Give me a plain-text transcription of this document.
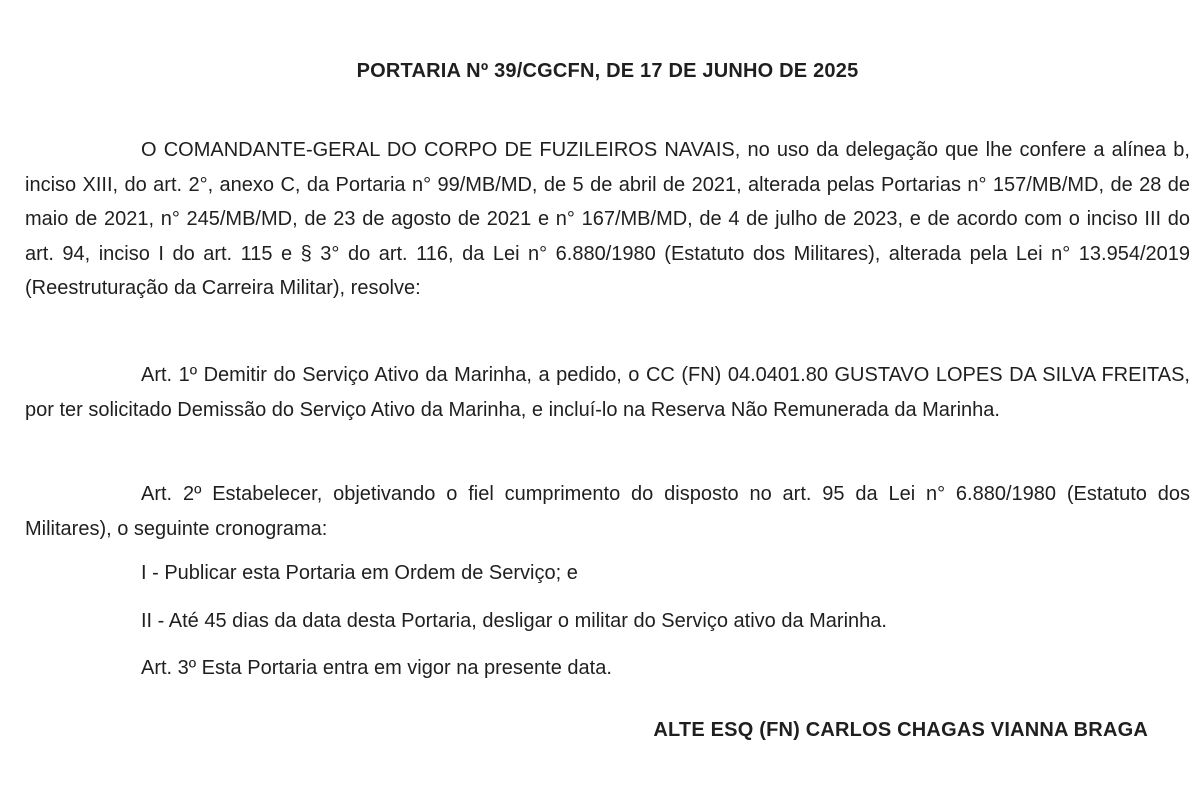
PORTARIA Nº 39/CGCFN, DE 17 DE JUNHO DE 2025

O COMANDANTE-GERAL DO CORPO DE FUZILEIROS NAVAIS, no uso da delegação que lhe confere a alínea b, inciso XIII, do art. 2°, anexo C, da Portaria n° 99/MB/MD, de 5 de abril de 2021, alterada pelas Portarias n° 157/MB/MD, de 28 de maio de 2021, n° 245/MB/MD, de 23 de agosto de 2021 e n° 167/MB/MD, de 4 de julho de 2023, e de acordo com o inciso III do art. 94, inciso I do art. 115 e § 3° do art. 116, da Lei n° 6.880/1980 (Estatuto dos Militares), alterada pela Lei n° 13.954/2019 (Reestruturação da Carreira Militar), resolve:

Art. 1º Demitir do Serviço Ativo da Marinha, a pedido, o CC (FN) 04.0401.80 GUSTAVO LOPES DA SILVA FREITAS, por ter solicitado Demissão do Serviço Ativo da Marinha, e incluí-lo na Reserva Não Remunerada da Marinha.

Art. 2º Estabelecer, objetivando o fiel cumprimento do disposto no art. 95 da Lei n° 6.880/1980 (Estatuto dos Militares), o seguinte cronograma:

I - Publicar esta Portaria em Ordem de Serviço; e

II - Até 45 dias da data desta Portaria, desligar o militar do Serviço ativo da Marinha.

Art. 3º Esta Portaria entra em vigor na presente data.

ALTE ESQ (FN) CARLOS CHAGAS VIANNA BRAGA
